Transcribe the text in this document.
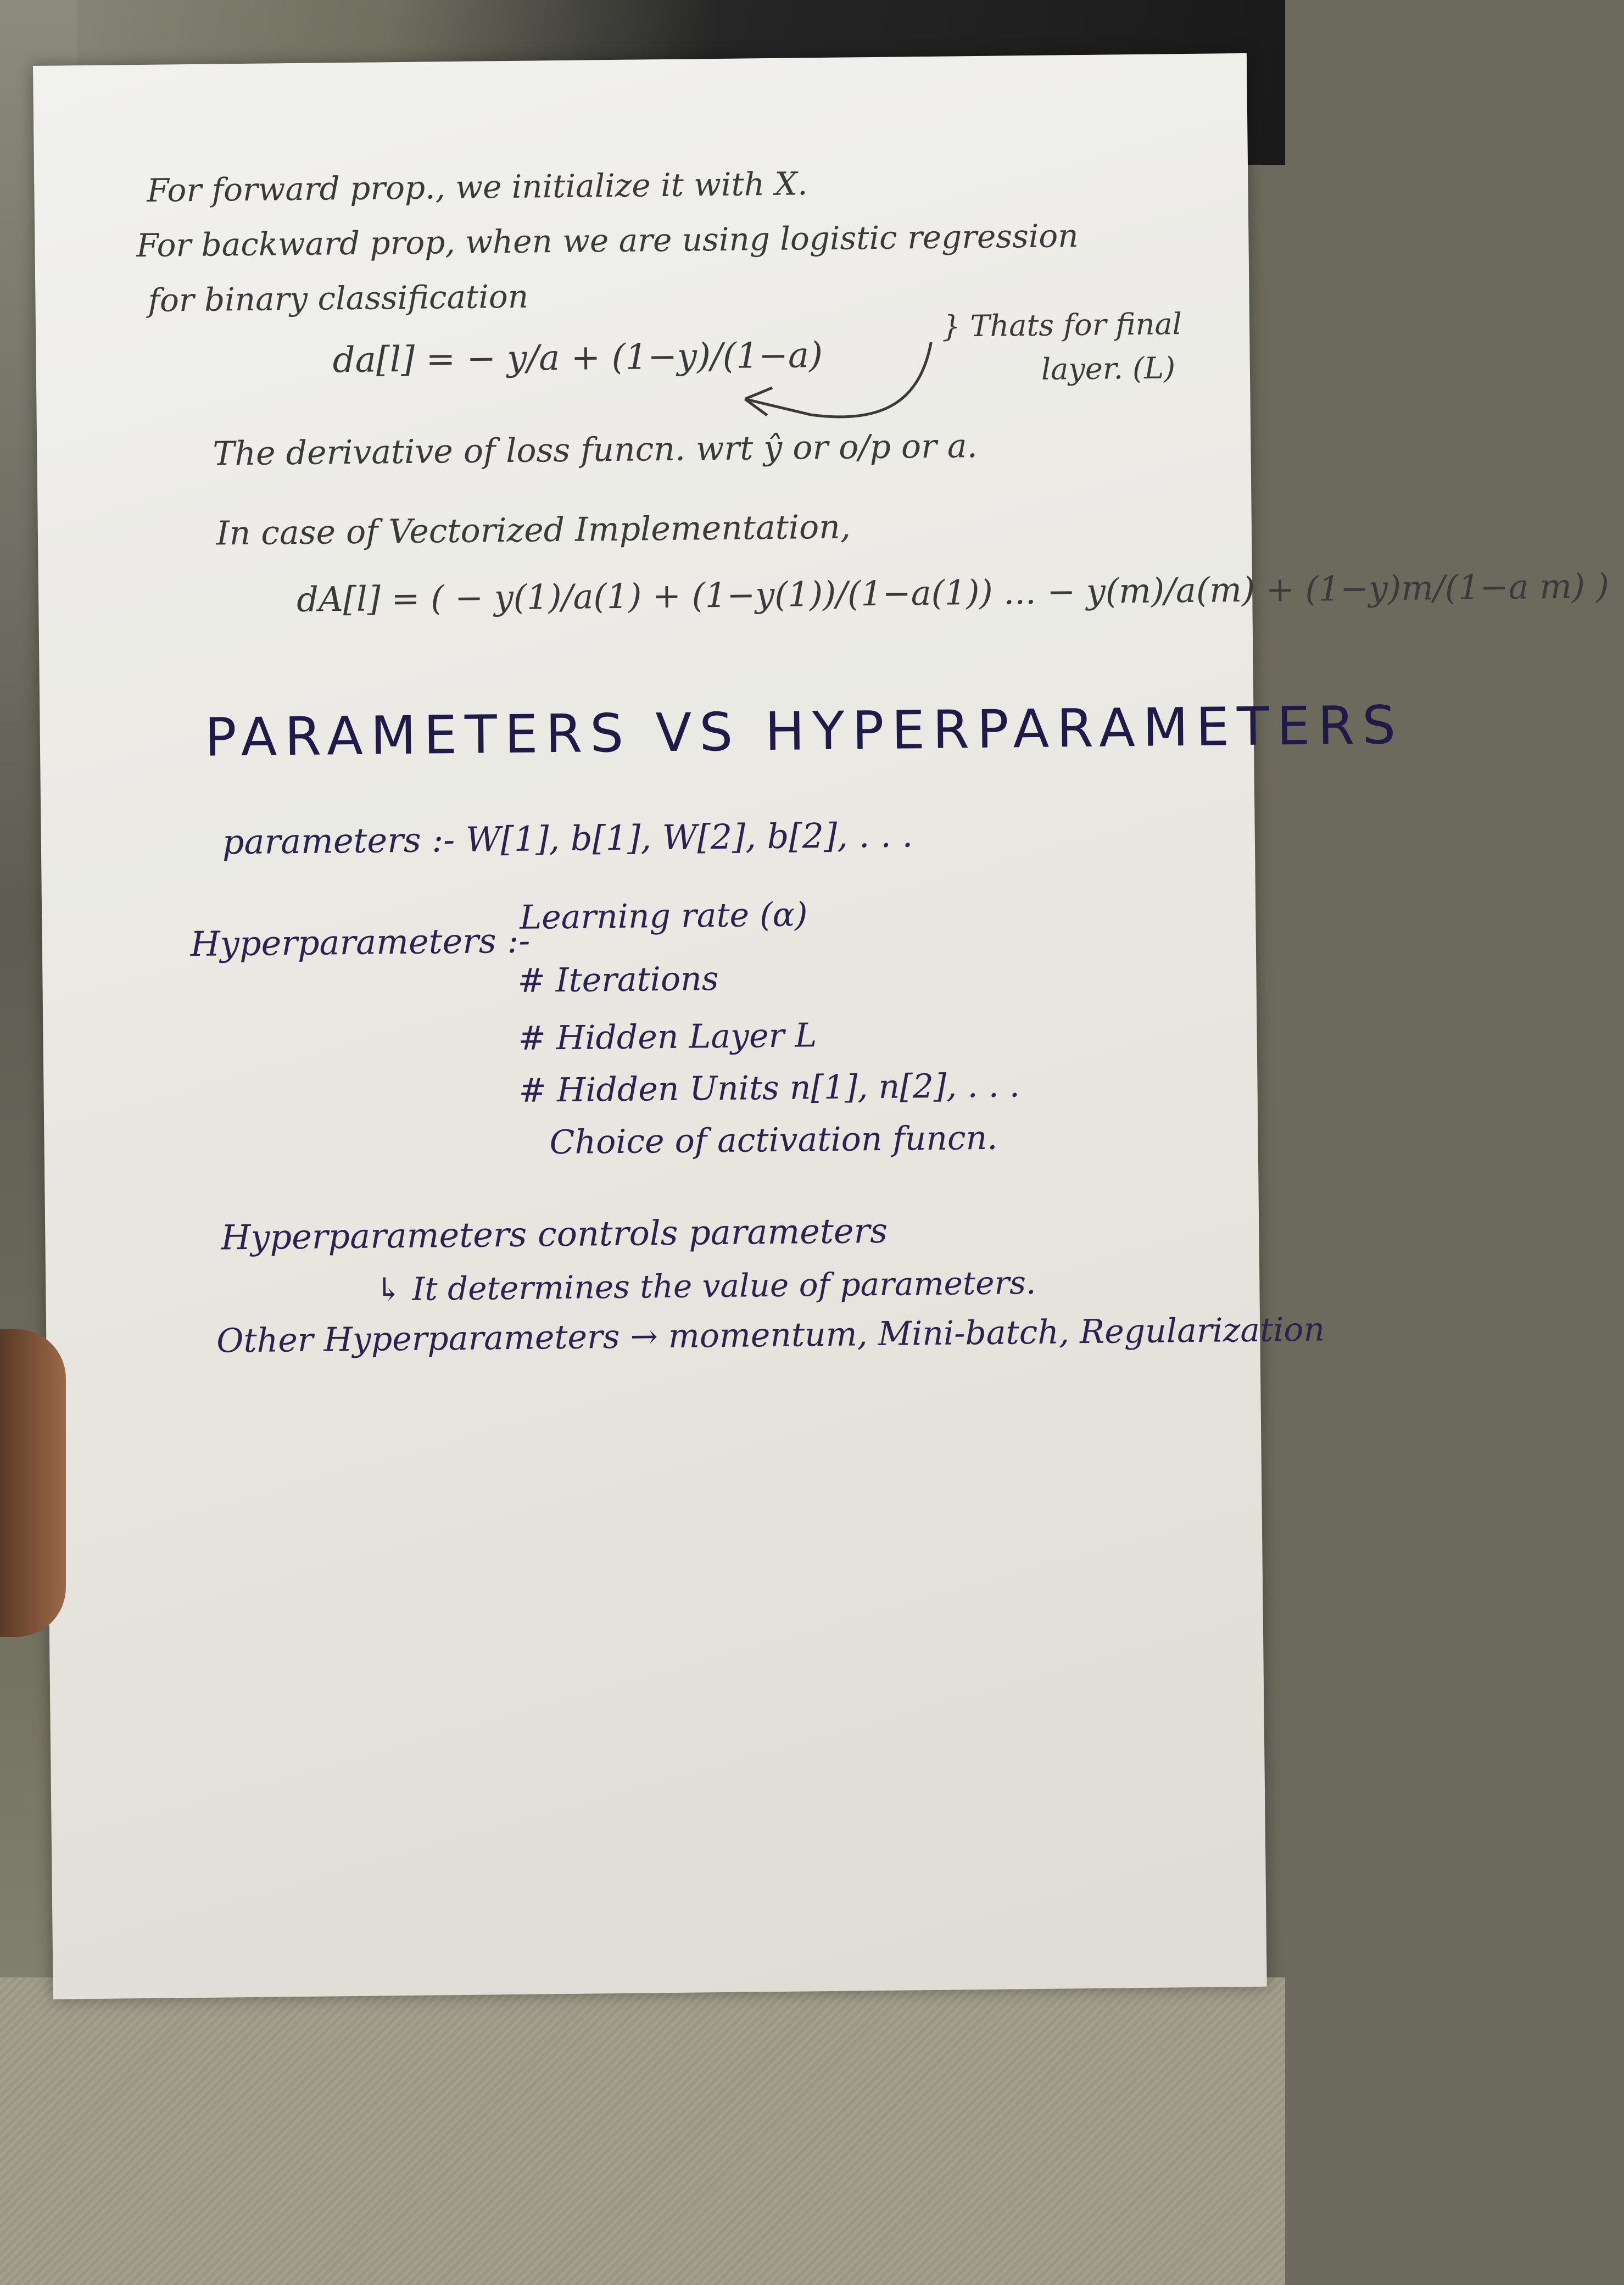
For forward prop., we initialize it with X.
For backward prop, when we are using logistic regression
for binary classification
da[l] = − y/a + (1−y)/(1−a)
} Thats for final
layer. (L)
The derivative of loss funcn. wrt ŷ or o/p or a.
In case of Vectorized Implementation,
dA[l] = ( − y(1)/a(1) + (1−y(1))/(1−a(1)) ... − y(m)/a(m) + (1−y)m/(1−a m) )
PARAMETERS VS HYPERPARAMETERS
parameters :- W[1], b[1], W[2], b[2], . . .
Hyperparameters :-
Learning rate (α)
# Iterations
# Hidden Layer L
# Hidden Units n[1], n[2], . . .
Choice of activation funcn.
Hyperparameters controls parameters
↳ It determines the value of parameters.
Other Hyperparameters → momentum, Mini-batch, Regularization
